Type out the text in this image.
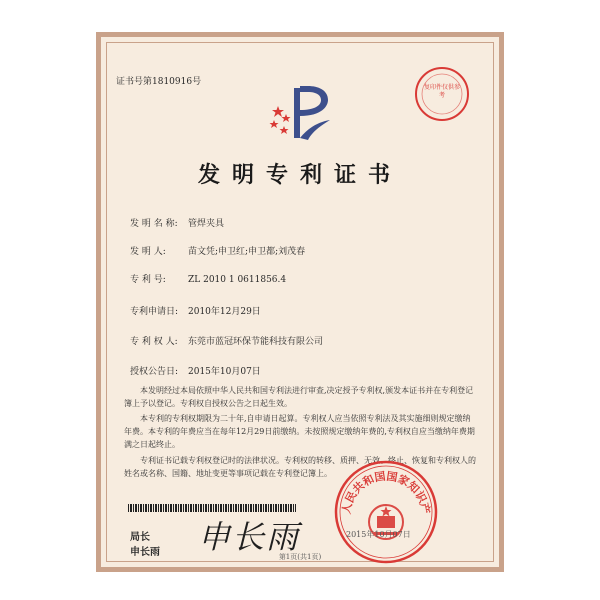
证书号第1810916号

复印件仅供参考
发明专利证书

发 明 名 称: 管焊夹具

发 明 人: 苗文凭;申卫红;申卫都;刘茂春

专 利 号: ZL 2010 1 0611856.4

专利申请日: 2010年12月29日

专 利 权 人: 东莞市蓝冠环保节能科技有限公司

授权公告日: 2015年10月07日

本发明经过本局依照中华人民共和国专利法进行审查,决定授予专利权,颁发本证书并在专利登记簿上予以登记。专利权自授权公告之日起生效。

本专利的专利权期限为二十年,自申请日起算。专利权人应当依照专利法及其实施细则规定缴纳年费。本专利的年费应当在每年12月29日前缴纳。未按照规定缴纳年费的,专利权自应当缴纳年费期满之日起终止。

专利证书记载专利权登记时的法律状况。专利权的转移、质押、无效、终止、恢复和专利权人的姓名或名称、国籍、地址变更等事项记载在专利登记簿上。

局长

申长雨 申长雨
人民共和国国家知识产

2015年10月07日

第1页(共1页)
